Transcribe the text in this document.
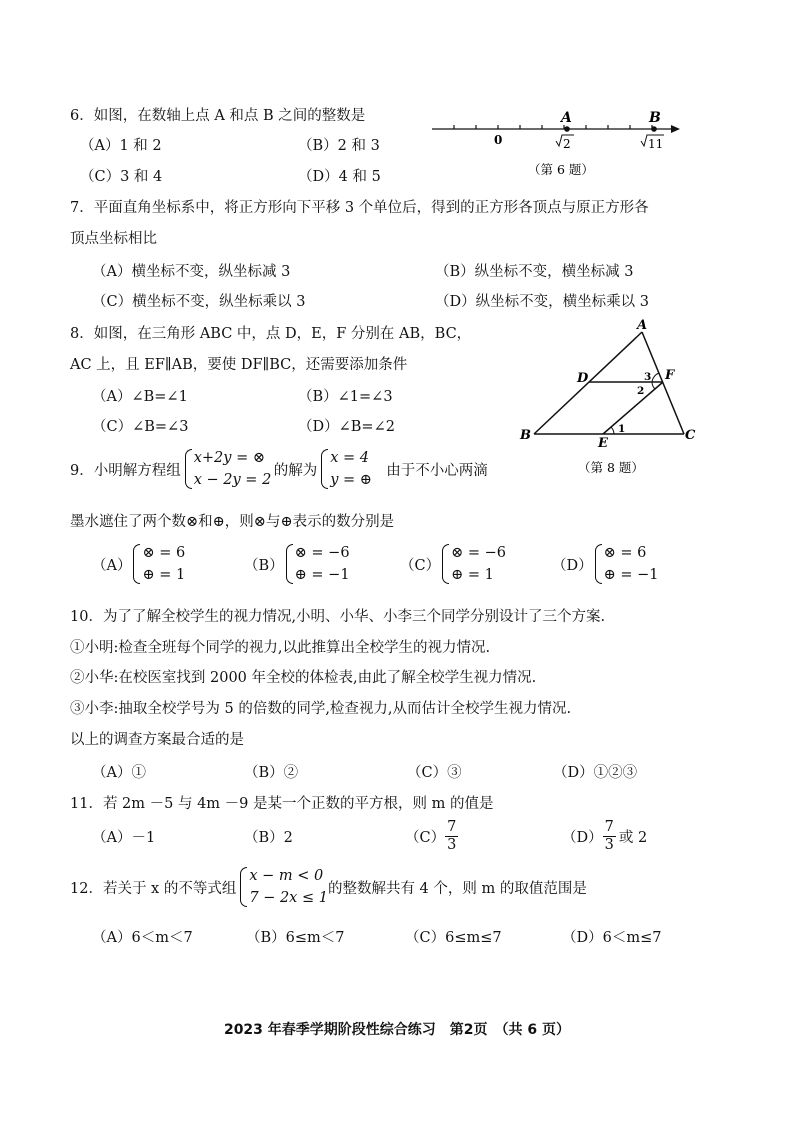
6．如图，在数轴上点 A 和点 B 之间的整数是
（A）1 和 2	（B）2 和 3
（C）3 和 4	（D）4 和 5
0
A	B
2	11
（第 6 题）
7．平面直角坐标系中，将正方形向下平移 3 个单位后，得到的正方形各顶点与原正方形各
顶点坐标相比
（A）横坐标不变，纵坐标减 3	（B）纵坐标不变，横坐标减 3
（C）横坐标不变，纵坐标乘以 3	（D）纵坐标不变，横坐标乘以 3
8．如图，在三角形 ABC 中，点 D，E，F 分别在 AB，BC，
AC 上，且 EF∥AB，要使 DF∥BC，还需要添加条件
（A）∠B=∠1	（B）∠1=∠3
（C）∠B=∠3	（D）∠B=∠2
A
B	C
D
E
F
3
2
1
（第 8 题）
9．小明解方程组
x+2y = ⊗
x − 2y = 2
的解为
x = 4
y = ⊕
由于不小心两滴
墨水遮住了两个数⊗和⊕，则⊗与⊕表示的数分别是
（A）
⊗ = 6
⊕ = 1
（B）
⊗ = −6
⊕ = −1
（C）
⊗ = −6
⊕ = 1
（D）
⊗ = 6
⊕ = −1
10．为了了解全校学生的视力情况,小明、小华、小李三个同学分别设计了三个方案.
①小明:检查全班每个同学的视力,以此推算出全校学生的视力情况.
②小华:在校医室找到 2000 年全校的体检表,由此了解全校学生视力情况.
③小李:抽取全校学号为 5 的倍数的同学,检查视力,从而估计全校学生视力情况.
以上的调查方案最合适的是
（A）①	（B）②	（C）③	（D）①②③
11．若 2m －5 与 4m －9 是某一个正数的平方根，则 m 的值是
（A）－1	（B）2	$(C) \frac{7}{3}$	$(D) \frac{7}{3}$ 或 2
12．若关于 x 的不等式组
x − m < 0
7 − 2x ≤ 1
的整数解共有 4 个，则 m 的取值范围是
（A）6＜m＜7	（B）6≤m＜7	（C）6≤m≤7	（D）6＜m≤7
2023 年春季学期阶段性综合练习　第2页　（共 6 页）
